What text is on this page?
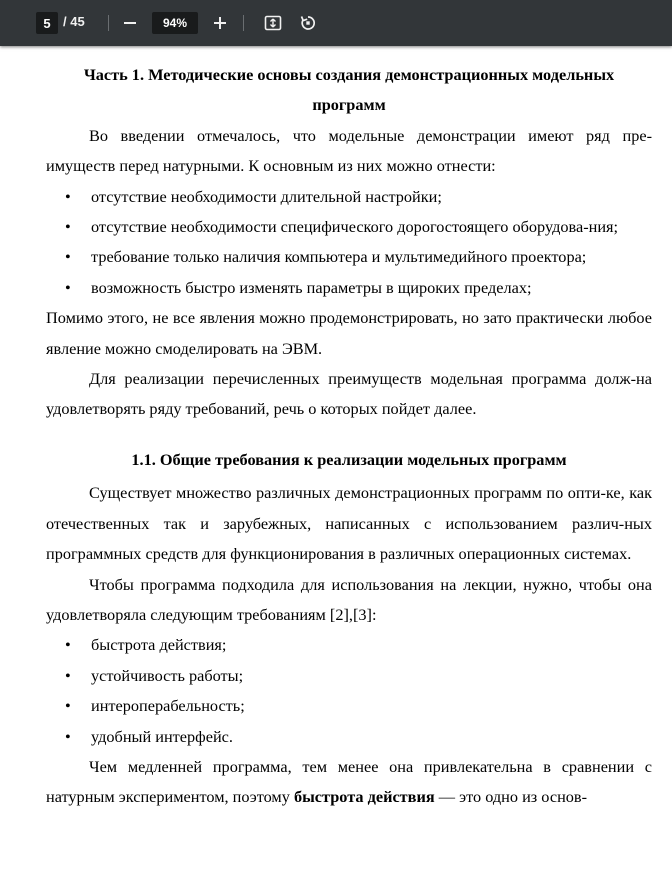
5 / 45	94%
Часть 1. Методические основы создания демонстрационных модельных
программ

Во введении отмечалось, что модельные демонстрации имеют ряд пре-имуществ перед натурными. К основным из них можно отнести:

• отсутствие необходимости длительной настройки;
• отсутствие необходимости специфического дорогостоящего оборудова-ния;
• требование только наличия компьютера и мультимедийного проектора;
• возможность быстро изменять параметры в щироких пределах;

Помимо этого, не все явления можно продемонстрировать, но зато практически любое явление можно смоделировать на ЭВМ.

Для реализации перечисленных преимуществ модельная программа долж-на удовлетворять ряду требований, речь о которых пойдет далее.

1.1. Общие требования к реализации модельных программ

Существует множество различных демонстрационных программ по опти-ке, как отечественных так и зарубежных, написанных с использованием различ-ных программных средств для функционирования в различных операционных системах.

Чтобы программа подходила для использования на лекции, нужно, чтобы она удовлетворяла следующим требованиям [2],[3]:

• быстрота действия;
• устойчивость работы;
• интероперабельность;
• удобный интерфейс.

Чем медленней программа, тем менее она привлекательна в сравнении с натурным экспериментом, поэтому быстрота действия — это одно из основ-
